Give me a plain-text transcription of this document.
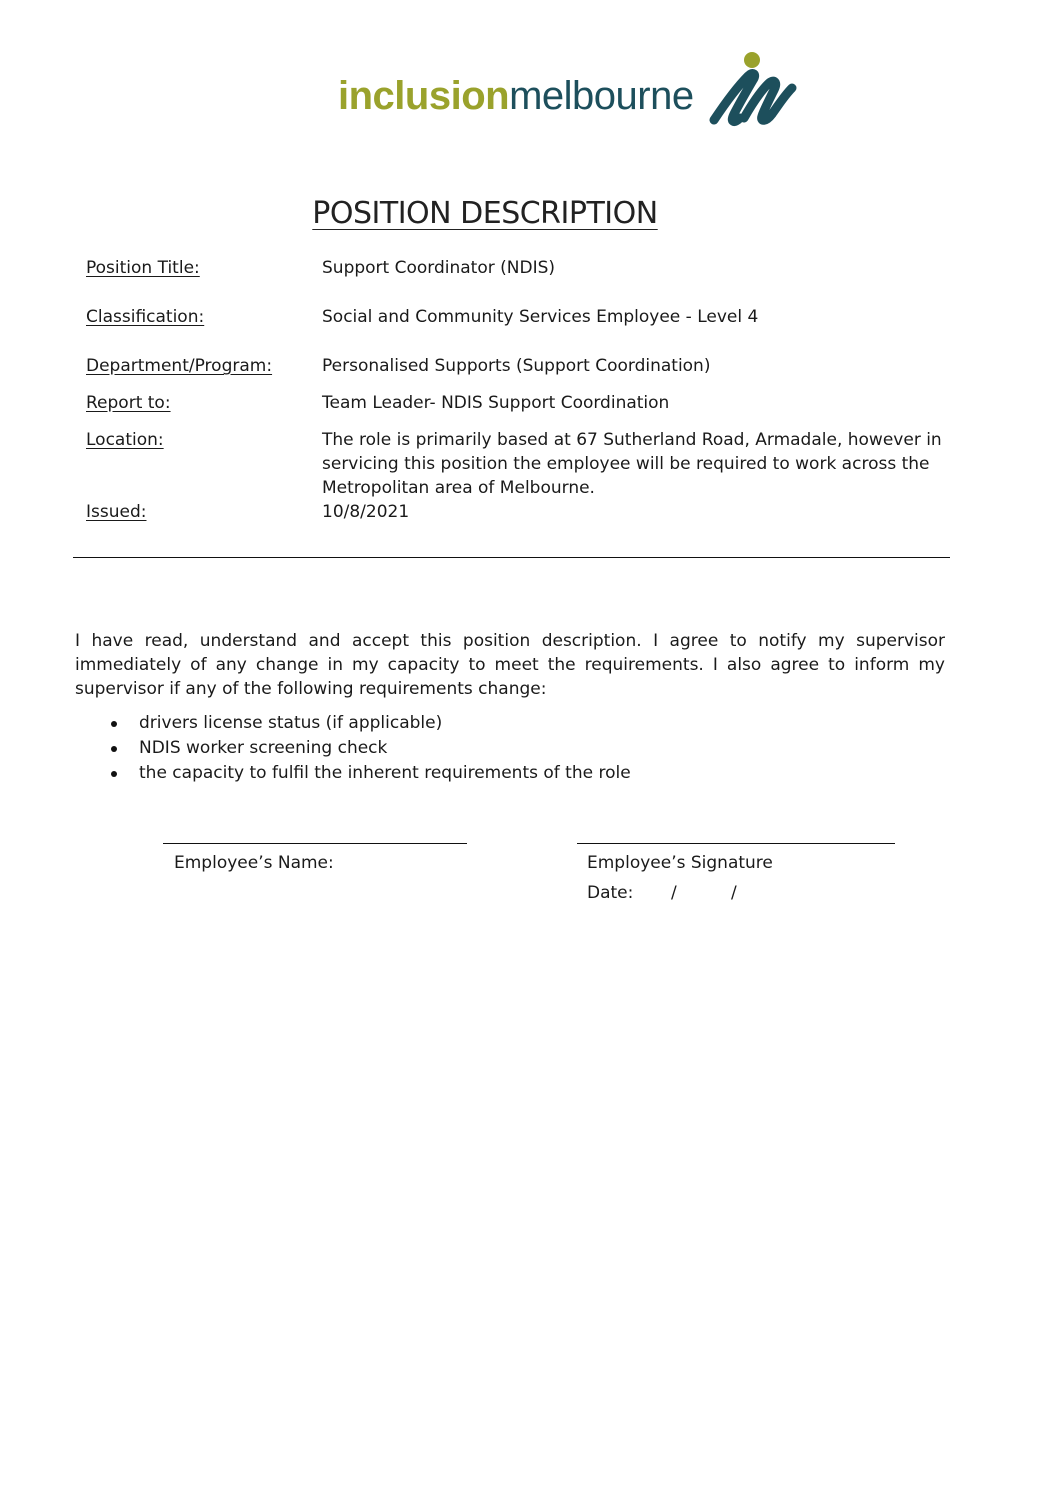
inclusion melbourne
POSITION DESCRIPTION
Position Title:	Support Coordinator (NDIS)
Classification:	Social and Community Services Employee - Level 4
Department/Program:	Personalised Supports (Support Coordination)
Report to:	Team Leader- NDIS Support Coordination
Location:	The role is primarily based at 67 Sutherland Road, Armadale, however in servicing this position the employee will be required to work across the Metropolitan area of Melbourne.
Issued:	10/8/2021
I have read, understand and accept this position description. I agree to notify my supervisor immediately of any change in my capacity to meet the requirements. I also agree to inform my supervisor if any of the following requirements change:
drivers license status (if applicable)
NDIS worker screening check
the capacity to fulfil the inherent requirements of the role
Employee’s Name:	Employee’s Signature
Date: /	/
